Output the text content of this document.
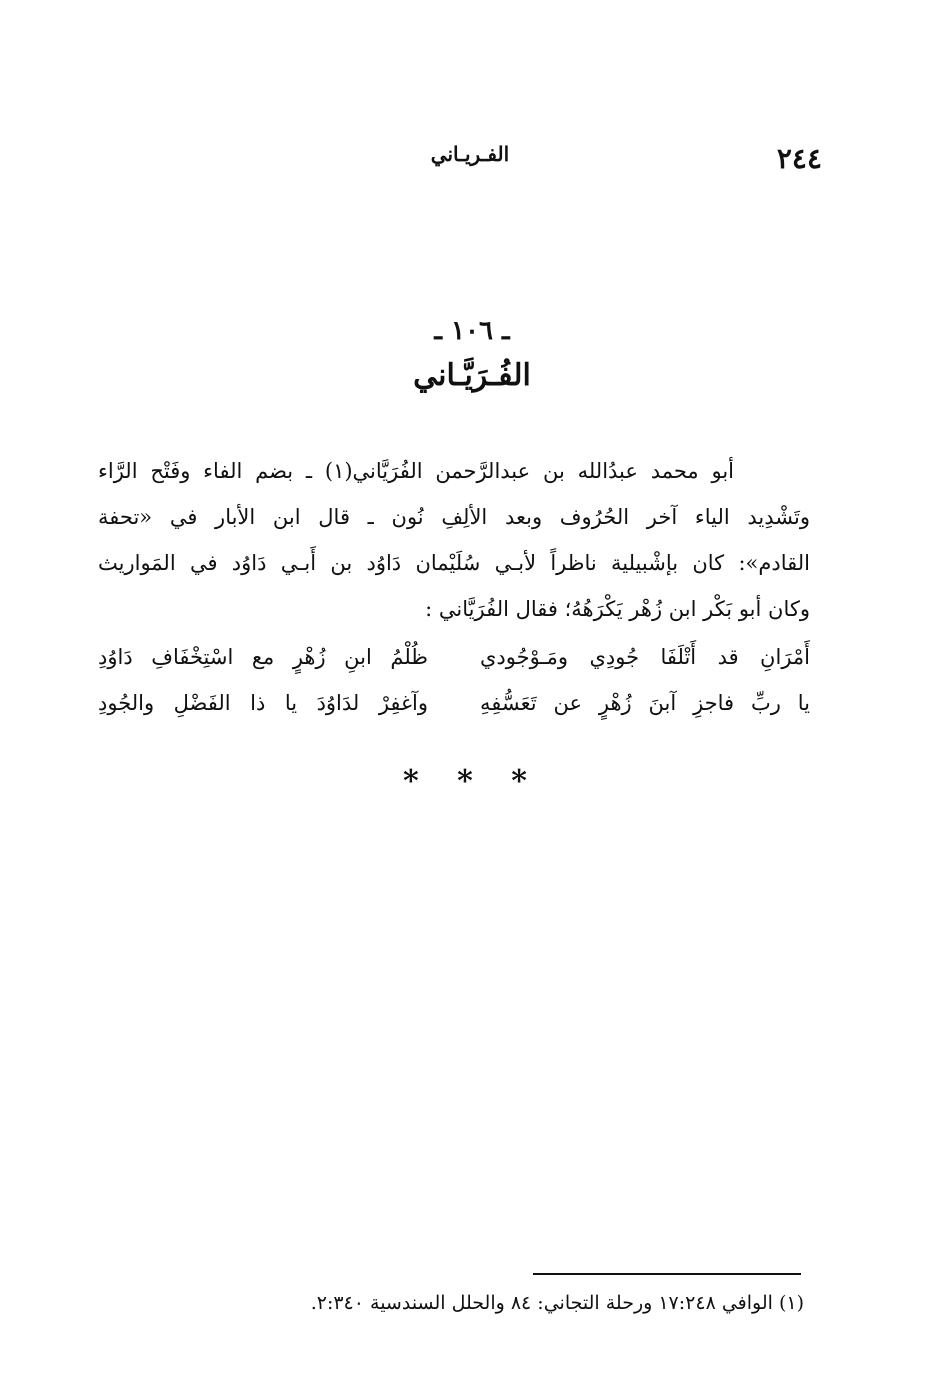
٢٤٤
الفـريـاني
ـ ١٠٦ ـ
الفُـرَيَّـاني
أبو محمد عبدُالله بن عبدالرَّحمن الفُرَيَّاني(١) ـ بضم الفاء وفَتْح الرَّاء
وتَشْدِيد الياء آخر الحُرُوف وبعد الألِفِ نُون ـ قال ابن الأبار في «تحفة
القادم»: كان بإشْبيلية ناظراً لأبـي سُلَيْمان دَاوُد بن أَبـي دَاوُد في المَواريث
وكان أبو بَكْر ابن زُهْر يَكْرَهُهُ؛ فقال الفُرَيَّاني :
أَمْرَانِ قد أَتْلَفَا جُودِي ومَـوْجُودي
ظُلْمُ ابنِ زُهْرٍ مع اسْتِخْفَافِ دَاوُدِ
يا ربِّ فاجزِ آبنَ زُهْرٍ عن تَعَسُّفِهِ
وآغفِرْ لدَاوُدَ يا ذا الفَضْلِ والجُودِ
* * *
(١) الوافي ١٧:٢٤٨ ورحلة التجاني: ٨٤ والحلل السندسية ٢:٣٤٠.
